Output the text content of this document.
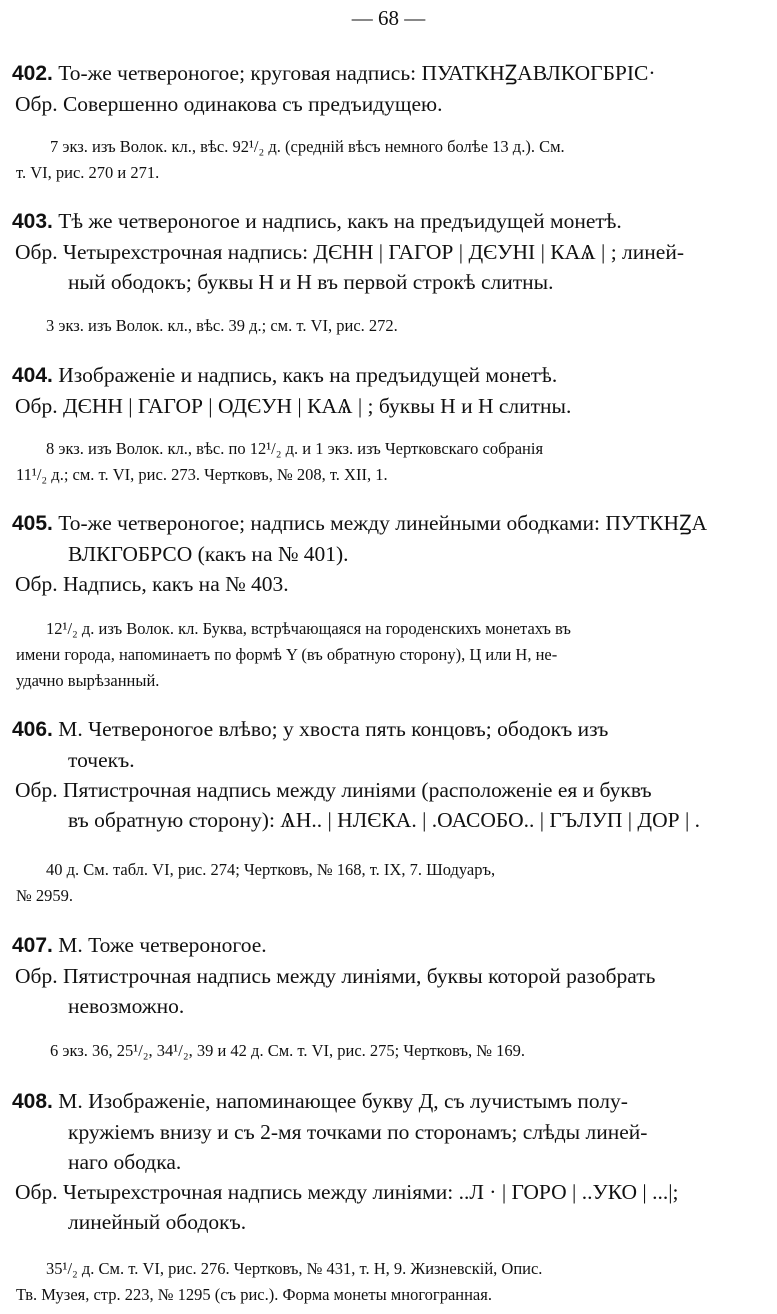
— 68 —
402. То-же четвероногое; круговая надпись: ПУАТКНꙀАВЛКОГБРІС·
Обр. Совершенно одинакова съ предъидущею.
7 экз. изъ Волок. кл., вѣс. 92¹/₂ д. (средній вѣсъ немного болѣе 13 д.). См.
т. VI, рис. 270 и 271.
403. Тѣ же четвероногое и надпись, какъ на предъидущей монетѣ.
Обр. Четырехстрочная надпись: ДЄНН | ГАГОР | ДЄУНІ | КАѦ | ; линей-
ный ободокъ; буквы Н и Н въ первой строкѣ слитны.
3 экз. изъ Волок. кл., вѣс. 39 д.; см. т. VI, рис. 272.
404. Изображеніе и надпись, какъ на предъидущей монетѣ.
Обр. ДЄНН | ГАГОР | ОДЄУН | КАѦ | ; буквы Н и Н слитны.
8 экз. изъ Волок. кл., вѣс. по 12¹/₂ д. и 1 экз. изъ Чертковскаго собранія
11¹/₂ д.; см. т. VI, рис. 273. Чертковъ, № 208, т. XII, 1.
405. То-же четвероногое; надпись между линейными ободками: ПУТКНꙀА
ВЛКГОБРСО (какъ на № 401).
Обр. Надпись, какъ на № 403.
12¹/₂ д. изъ Волок. кл. Буква, встрѣчающаяся на городенскихъ монетахъ въ
имени города, напоминаетъ по формѣ Y (въ обратную сторону), Ц или Н, не-
удачно вырѣзанный.
406. М. Четвероногое влѣво; у хвоста пять концовъ; ободокъ изъ
точекъ.
Обр. Пятистрочная надпись между линіями (расположеніе ея и буквъ
въ обратную сторону): ѦН.. | НЛЄКА. | .ОАСОБО.. | ГЪЛУП | ДОР | .
40 д. См. табл. VI, рис. 274; Чертковъ, № 168, т. IX, 7. Шодуаръ,
№ 2959.
407. М. Тоже четвероногое.
Обр. Пятистрочная надпись между линіями, буквы которой разобрать
невозможно.
6 экз. 36, 25¹/₂, 34¹/₂, 39 и 42 д. См. т. VI, рис. 275; Чертковъ, № 169.
408. М. Изображеніе, напоминающее букву Д, съ лучистымъ полу-
кружіемъ внизу и съ 2-мя точками по сторонамъ; слѣды линей-
наго ободка.
Обр. Четырехстрочная надпись между линіями: ..Л · | ГОРО | ..УКО | ...|;
линейный ободокъ.
35¹/₂ д. См. т. VI, рис. 276. Чертковъ, № 431, т. Н, 9. Жизневскій, Опис.
Тв. Музея, стр. 223, № 1295 (съ рис.). Форма монеты многогранная.
